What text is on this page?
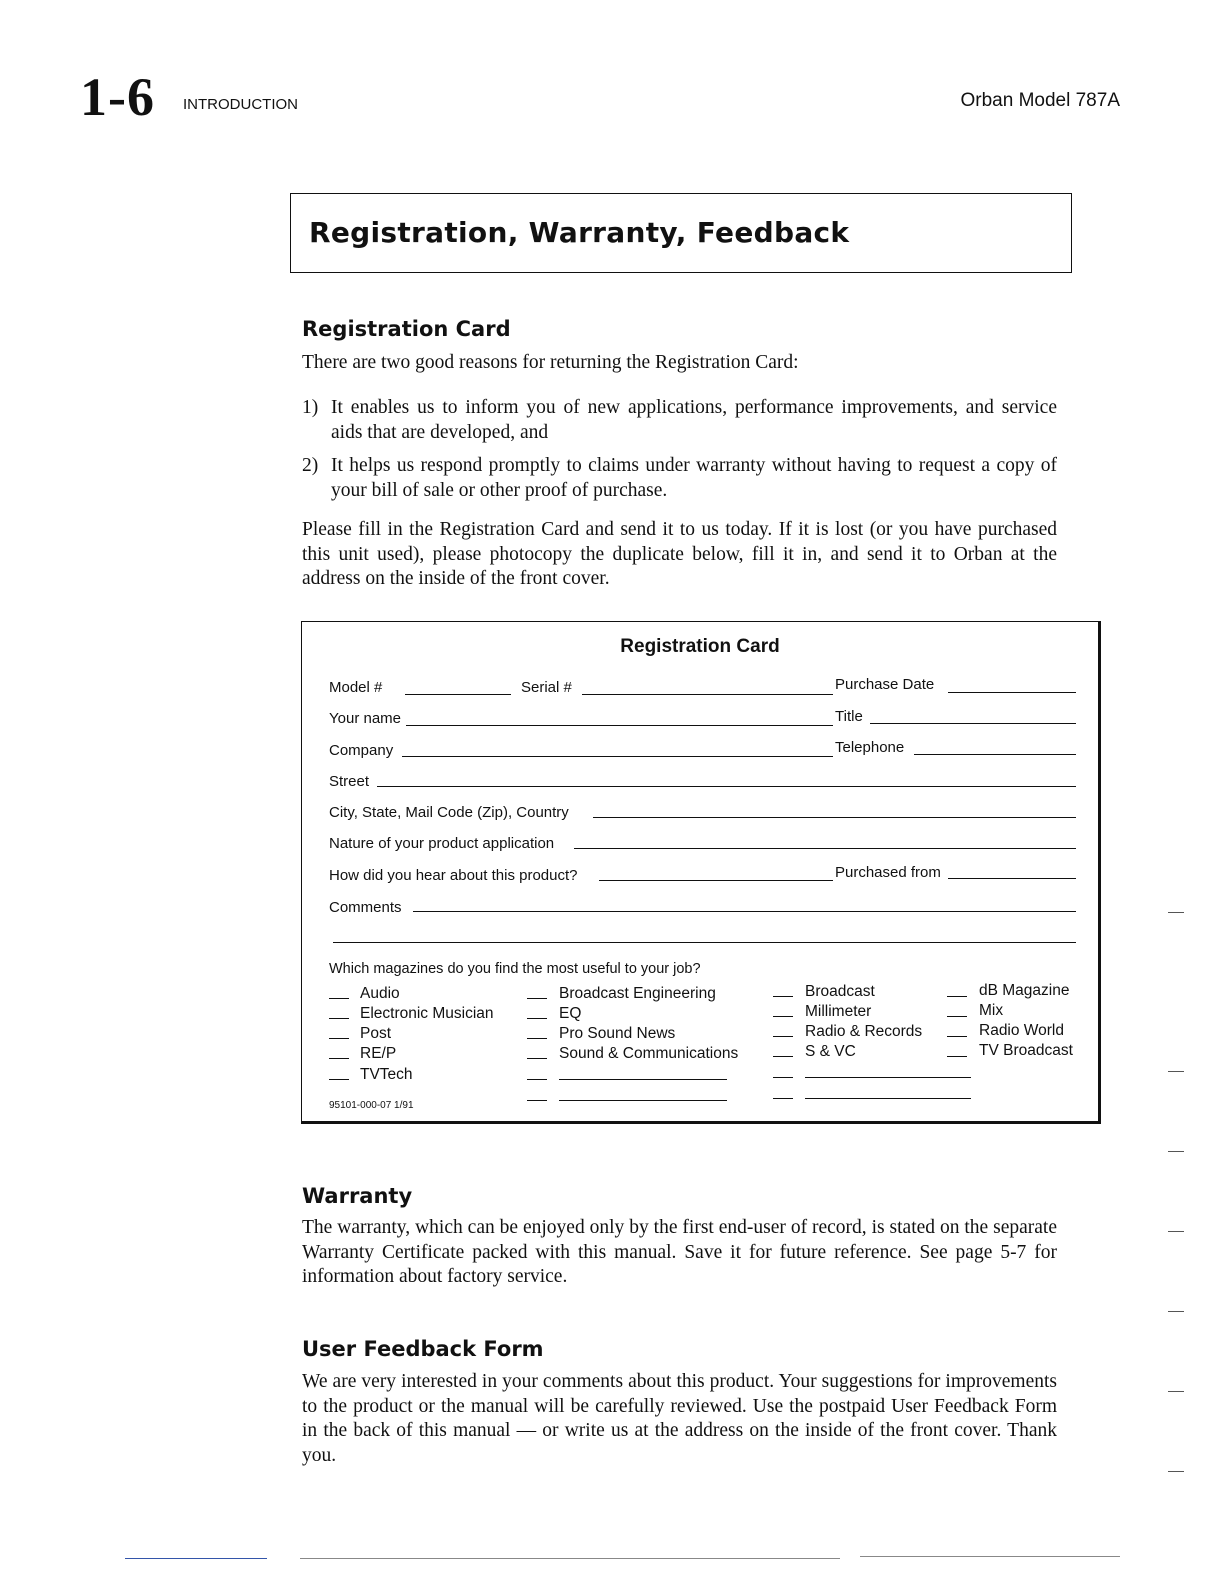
1-6 INTRODUCTION	Orban Model 787A
Registration, Warranty, Feedback
Registration Card

There are two good reasons for returning the Registration Card:

1) It enables us to inform you of new applications, performance improvements, and service aids that are developed, and
2) It helps us respond promptly to claims under warranty without having to request a copy of your bill of sale or other proof of purchase.

Please fill in the Registration Card and send it to us today. If it is lost (or you have purchased this unit used), please photocopy the duplicate below, fill it in, and send it to Orban at the address on the inside of the front cover.

Registration Card
Model #	Serial #	Purchase Date
Your name	Title
Company	Telephone
Street
City, State, Mail Code (Zip), Country
Nature of your product application
How did you hear about this product?	Purchased from
Comments
Which magazines do you find the most useful to your job?
Audio
Electronic Musician
Post
RE/P
TVTech
Broadcast Engineering
EQ
Pro Sound News
Sound & Communications
Broadcast
Millimeter
Radio & Records
S & VC
dB Magazine
Mix
Radio World
TV Broadcast
95101-000-07 1/91
Warranty

The warranty, which can be enjoyed only by the first end-user of record, is stated on the separate Warranty Certificate packed with this manual. Save it for future reference. See page 5-7 for information about factory service.

User Feedback Form

We are very interested in your comments about this product. Your suggestions for improvements to the product or the manual will be carefully reviewed. Use the postpaid User Feedback Form in the back of this manual — or write us at the address on the inside of the front cover. Thank you.
